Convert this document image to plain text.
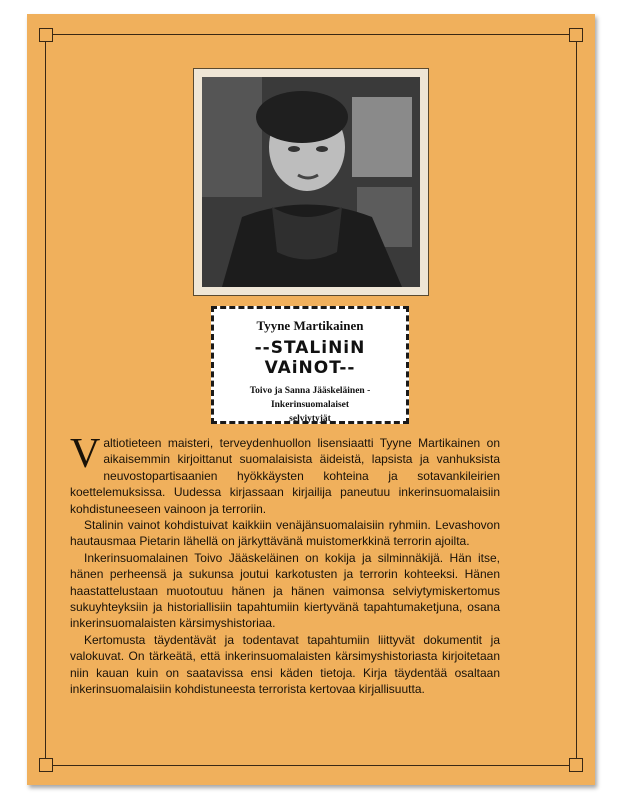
Tyyne Martikainen
--STALiNiN VAiNOT--
Toivo ja Sanna Jääskeläinen -
Inkerinsuomalaiset
selviytyjät

Valtiotieteen maisteri, terveydenhuollon lisensiaatti Tyyne Martikainen on aikaisemmin kirjoittanut suomalaisista äideistä, lapsista ja vanhuksista neuvostopartisaanien hyökkäysten kohteina ja sotavankileirien koettelemuksissa. Uudessa kirjassaan kirjailija paneutuu inkerinsuomalaisiin kohdistuneeseen vainoon ja terroriin.

Stalinin vainot kohdistuivat kaikkiin venäjänsuomalaisiin ryhmiin. Levashovon hautausmaa Pietarin lähellä on järkyttävänä muistomerkkinä terrorin ajoilta.

Inkerinsuomalainen Toivo Jääskeläinen on kokija ja silminnäkijä. Hän itse, hänen perheensä ja sukunsa joutui karkotusten ja terrorin kohteeksi. Hänen haastattelustaan muotoutuu hänen ja hänen vaimonsa selviytymiskertomus sukuyhteyksiin ja historiallisiin tapahtumiin kiertyvänä tapahtumaketjuna, osana inkerinsuomalaisten kärsimyshistoriaa.

Kertomusta täydentävät ja todentavat tapahtumiin liittyvät dokumentit ja valokuvat. On tärkeätä, että inkerinsuomalaisten kärsimyshistoriasta kirjoitetaan niin kauan kuin on saatavissa ensi käden tietoja. Kirja täydentää osaltaan inkerinsuomalaisiin kohdistuneesta terrorista kertovaa kirjallisuutta.
